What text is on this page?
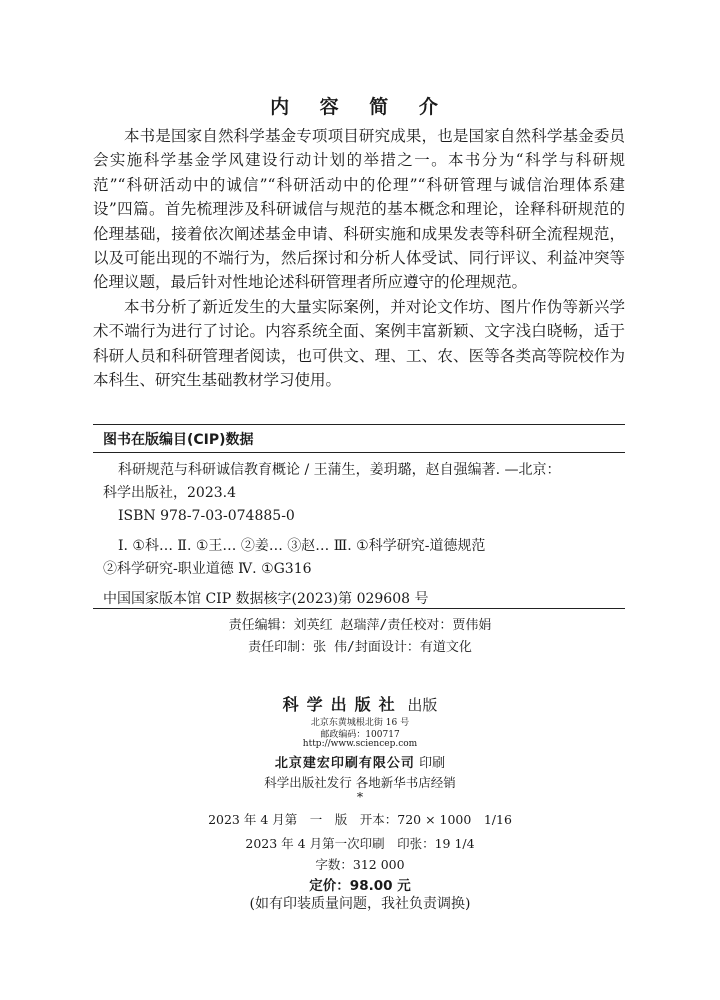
内 容 简 介

本书是国家自然科学基金专项项目研究成果，也是国家自然科学基金委员会实施科学基金学风建设行动计划的举措之一。本书分为“科学与科研规范”“科研活动中的诚信”“科研活动中的伦理”“科研管理与诚信治理体系建设”四篇。首先梳理涉及科研诚信与规范的基本概念和理论，诠释科研规范的伦理基础，接着依次阐述基金申请、科研实施和成果发表等科研全流程规范，以及可能出现的不端行为，然后探讨和分析人体受试、同行评议、利益冲突等伦理议题，最后针对性地论述科研管理者所应遵守的伦理规范。

本书分析了新近发生的大量实际案例，并对论文作坊、图片作伪等新兴学术不端行为进行了讨论。内容系统全面、案例丰富新颖、文字浅白晓畅，适于科研人员和科研管理者阅读，也可供文、理、工、农、医等各类高等院校作为本科生、研究生基础教材学习使用。

图书在版编目(CIP)数据
科研规范与科研诚信教育概论 / 王蒲生，姜玥璐，赵自强编著. —北京：
科学出版社，2023.4
ISBN 978-7-03-074885-0
Ⅰ. ①科… Ⅱ. ①王… ②姜… ③赵… Ⅲ. ①科学研究-道德规范
②科学研究-职业道德 Ⅳ. ①G316
中国国家版本馆 CIP 数据核字(2023)第 029608 号
责任编辑：刘英红 赵瑞萍/责任校对：贾伟娟
责任印制：张 伟/封面设计：有道文化
科学出版社 出版
北京东黄城根北街 16 号
邮政编码：100717
http://www.sciencep.com
北京建宏印刷有限公司 印刷
科学出版社发行 各地新华书店经销
*
2023 年 4 月第　一　版　开本：720 × 1000　1/16
2023 年 4 月第一次印刷　印张：19 1/4
字数：312 000
定价：98.00 元
(如有印装质量问题，我社负责调换)
